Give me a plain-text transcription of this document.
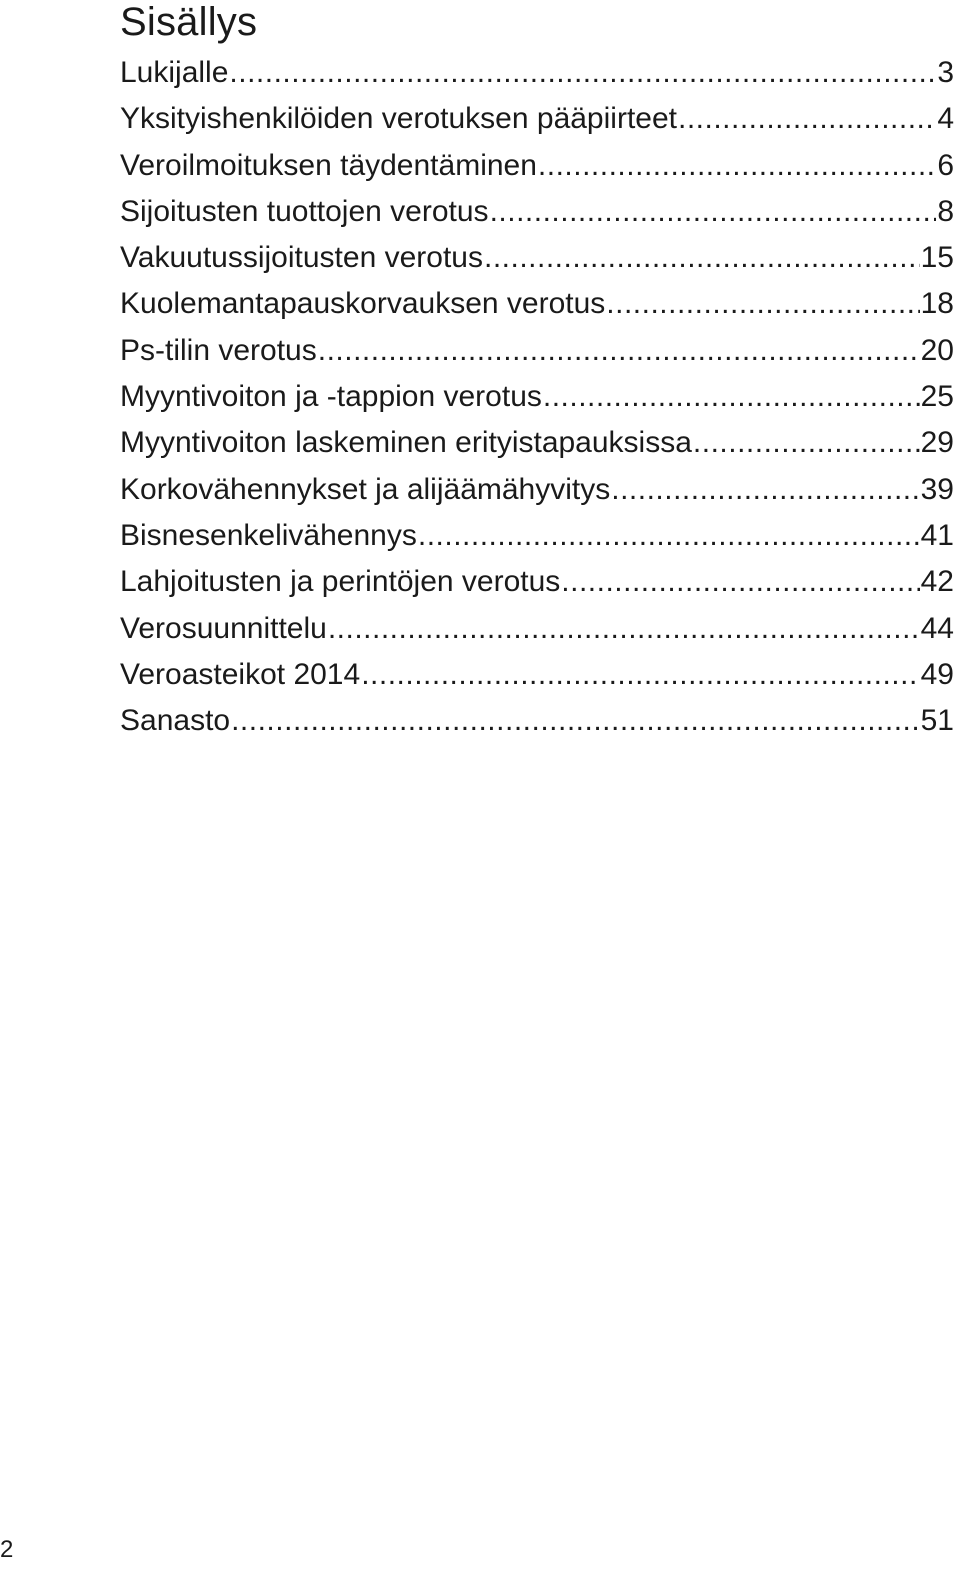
Sisällys
Lukijalle .....	3
Yksityishenkilöiden verotuksen pääpiirteet .....	4
Veroilmoituksen täydentäminen .....	6
Sijoitusten tuottojen verotus .....	8
Vakuutussijoitusten verotus .....	15
Kuolemantapauskorvauksen verotus .....	18
Ps-tilin verotus .....	20
Myyntivoiton ja -tappion verotus .....	25
Myyntivoiton laskeminen erityistapauksissa .....	29
Korkovähennykset ja alijäämähyvitys .....	39
Bisnesenkelivähennys .....	41
Lahjoitusten ja perintöjen verotus .....	42
Verosuunnittelu .....	44
Veroasteikot 2014 .....	49
Sanasto .....	51
2
